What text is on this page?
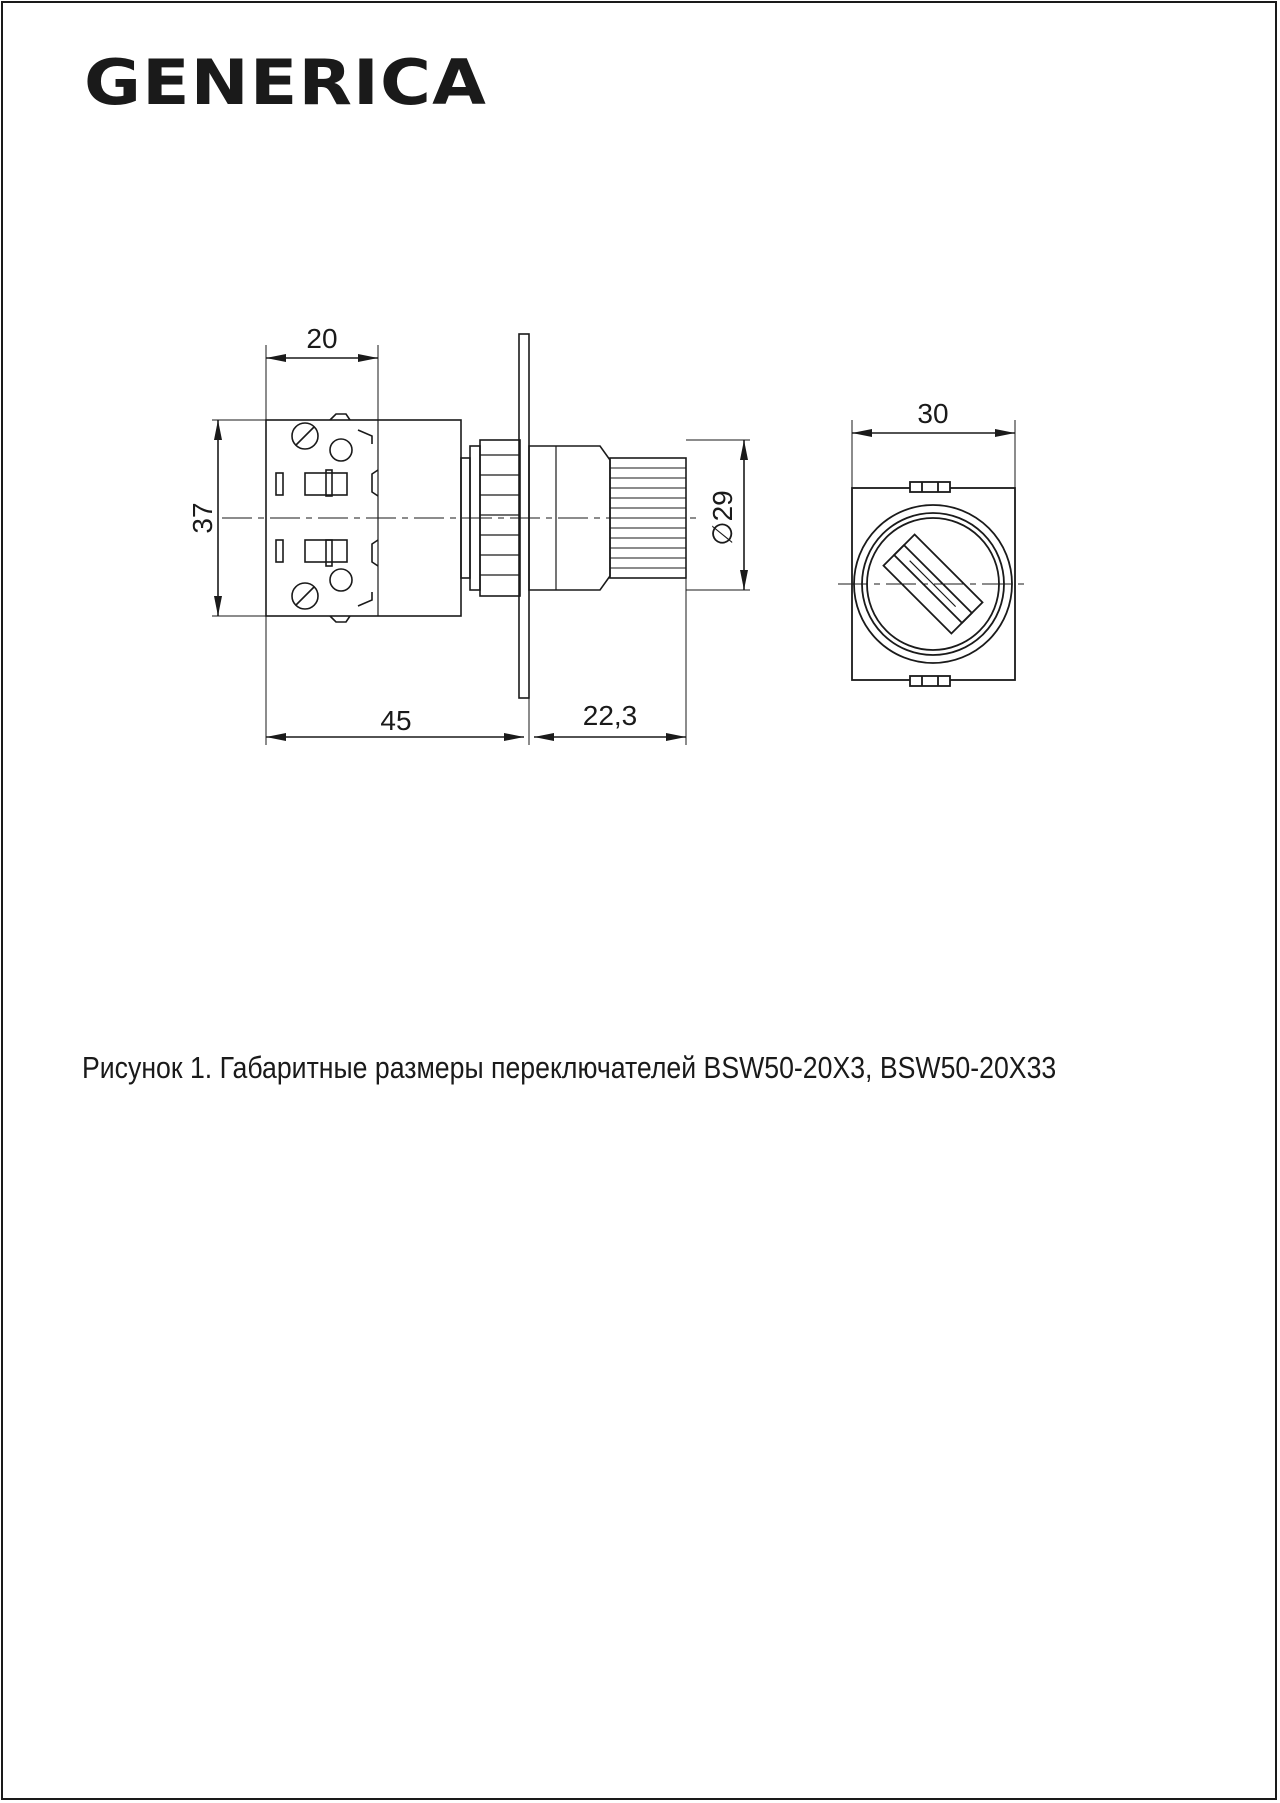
GENERICA
20
37
45	22,3
∅29
30
Рисунок 1. Габаритные размеры переключателей BSW50-20X3, BSW50-20X33
